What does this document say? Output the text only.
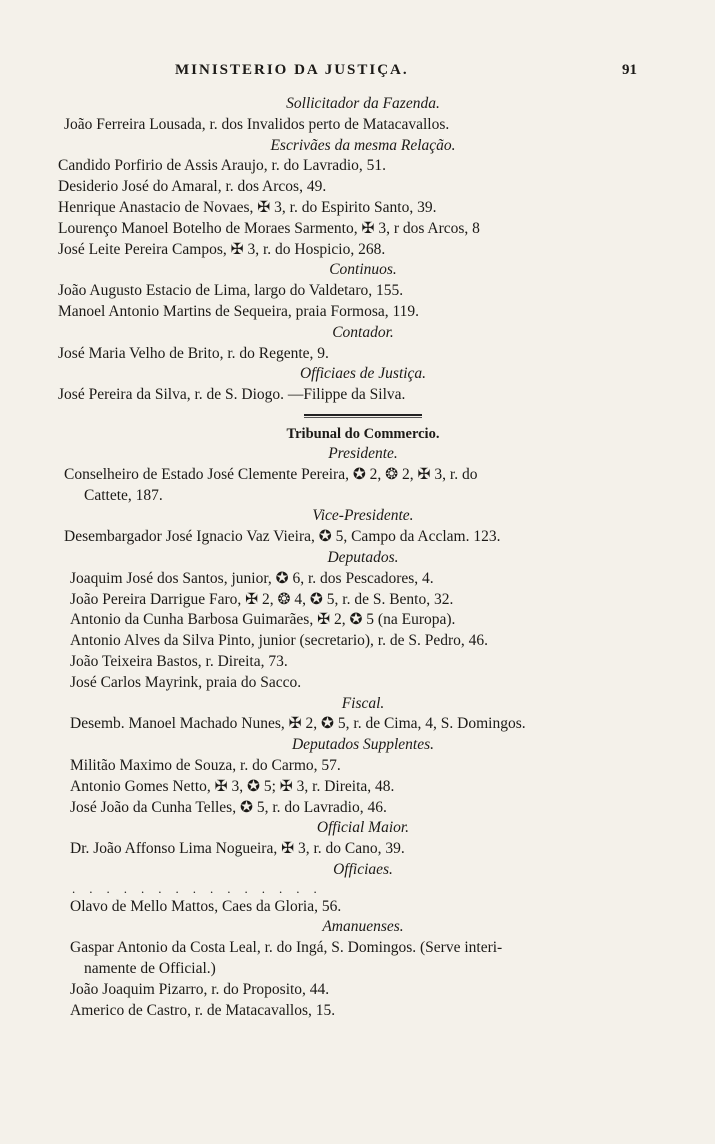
MINISTERIO DA JUSTIÇA.	91
Sollicitador da Fazenda.
João Ferreira Lousada, r. dos Invalidos perto de Matacavallos.
Escrivães da mesma Relação.
Candido Porfirio de Assis Araujo, r. do Lavradio, 51.
Desiderio José do Amaral, r. dos Arcos, 49.
Henrique Anastacio de Novaes, ✠ 3, r. do Espirito Santo, 39.
Lourenço Manoel Botelho de Moraes Sarmento, ✠ 3, r dos Arcos, 8
José Leite Pereira Campos, ✠ 3, r. do Hospicio, 268.
Continuos.
João Augusto Estacio de Lima, largo do Valdetaro, 155.
Manoel Antonio Martins de Sequeira, praia Formosa, 119.
Contador.
José Maria Velho de Brito, r. do Regente, 9.
Officiaes de Justiça.
José Pereira da Silva, r. de S. Diogo. —Filippe da Silva.
Tribunal do Commercio.
Presidente.
Conselheiro de Estado José Clemente Pereira, ✪ 2, ❂ 2, ✠ 3, r. do
Cattete, 187.
Vice-Presidente.
Desembargador José Ignacio Vaz Vieira, ✪ 5, Campo da Acclam. 123.
Deputados.
Joaquim José dos Santos, junior, ✪ 6, r. dos Pescadores, 4.
João Pereira Darrigue Faro, ✠ 2, ❂ 4, ✪ 5, r. de S. Bento, 32.
Antonio da Cunha Barbosa Guimarães, ✠ 2, ✪ 5 (na Europa).
Antonio Alves da Silva Pinto, junior (secretario), r. de S. Pedro, 46.
João Teixeira Bastos, r. Direita, 73.
José Carlos Mayrink, praia do Sacco.
Fiscal.
Desemb. Manoel Machado Nunes, ✠ 2, ✪ 5, r. de Cima, 4, S. Domingos.
Deputados Supplentes.
Militão Maximo de Souza, r. do Carmo, 57.
Antonio Gomes Netto, ✠ 3, ✪ 5; ✠ 3, r. Direita, 48.
José João da Cunha Telles, ✪ 5, r. do Lavradio, 46.
Official Maior.
Dr. João Affonso Lima Nogueira, ✠ 3, r. do Cano, 39.
Officiaes.
...............
Olavo de Mello Mattos, Caes da Gloria, 56.
Amanuenses.
Gaspar Antonio da Costa Leal, r. do Ingá, S. Domingos. (Serve interi-
namente de Official.)
João Joaquim Pizarro, r. do Proposito, 44.
Americo de Castro, r. de Matacavallos, 15.
